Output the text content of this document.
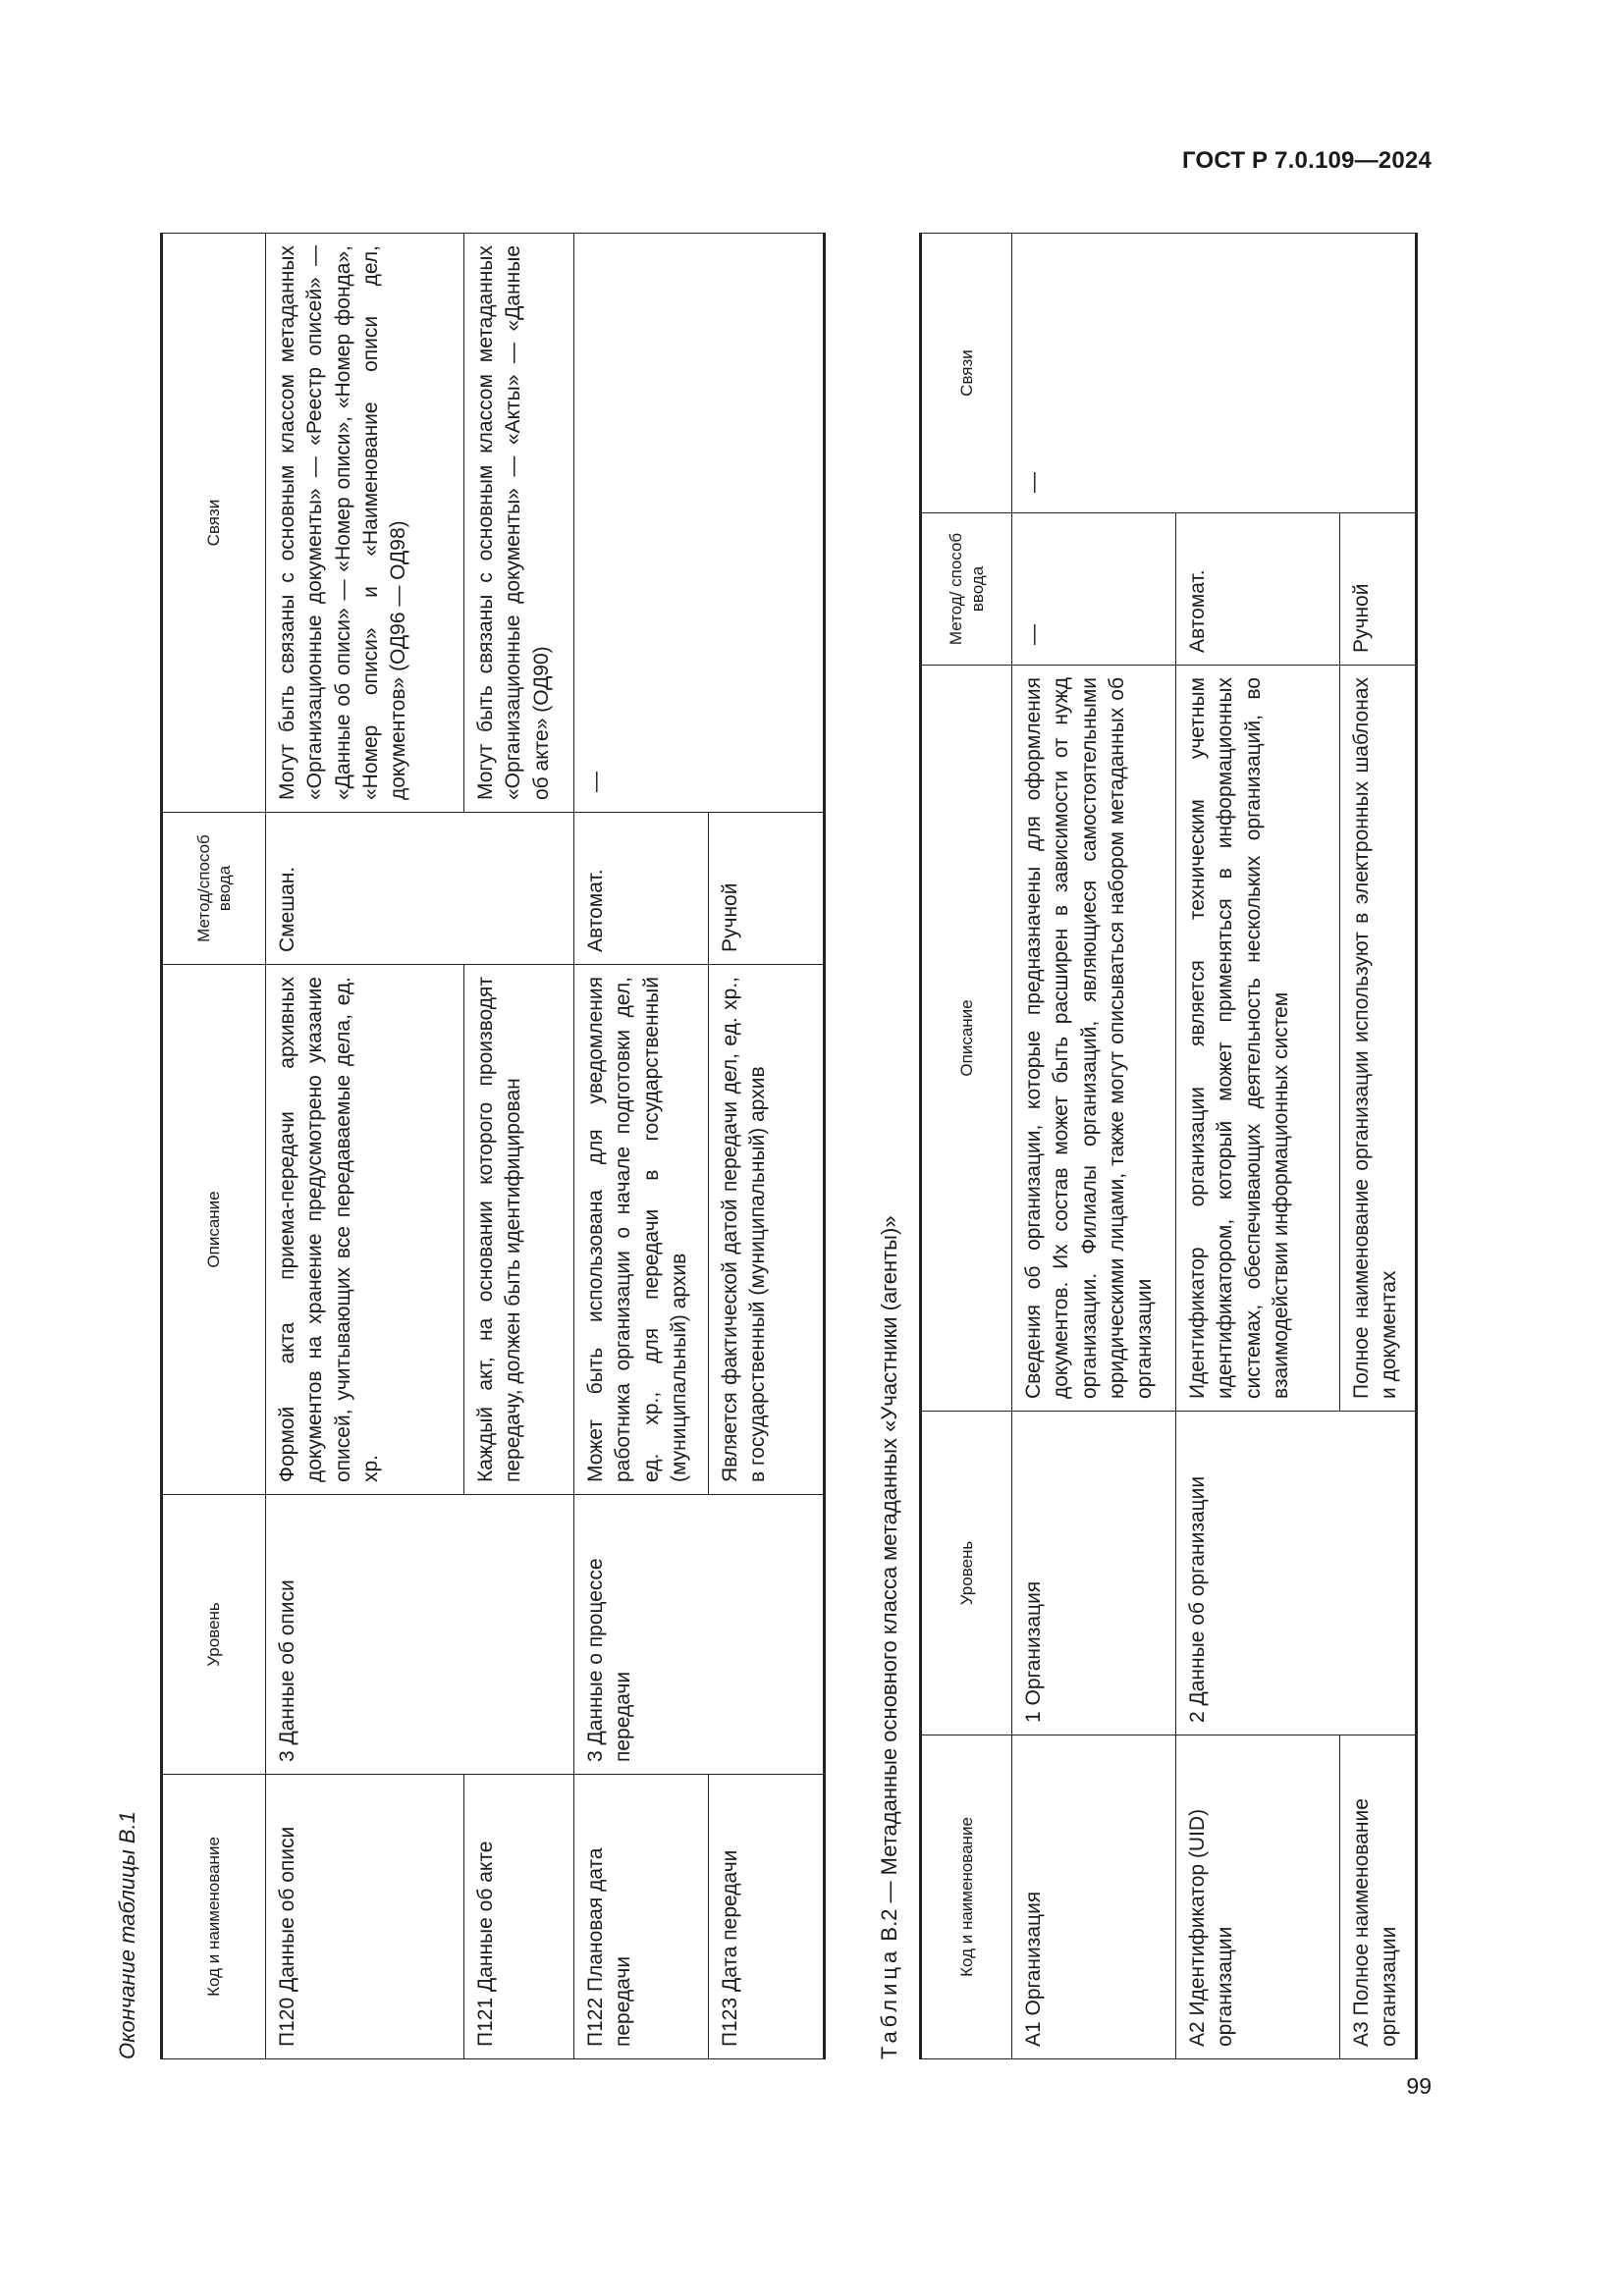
ГОСТ Р 7.0.109—2024
Код и наименование	Уровень	Описание	Метод/способ ввода	Связи
П120 Данные об описи	3 Данные об описи	Формой акта приема-передачи архивных документов на хранение предусмотрено указание описей, учитывающих все передаваемые дела, ед. хр.	Смешан.	Могут быть связаны с основным классом метаданных «Организационные документы» — «Реестр описей» — «Данные об описи» — «Номер описи», «Номер фонда», «Номер описи» и «Наименование описи дел, документов» (ОД96 — ОД98)
П121 Данные об акте		Каждый акт, на основании которого производят передачу, должен быть идентифицирован		Могут быть связаны с основным классом метаданных «Организационные документы» — «Акты» — «Данные об акте» (ОД90)
П122 Плановая дата передачи	3 Данные о процессе передачи	Может быть использована для уведомления работника организации о начале подготовки дел, ед. хр., для передачи в государственный (муниципальный) архив	Автомат.	—
П123 Дата передачи		Является фактической датой передачи дел, ед. хр., в государственный (муниципальный) архив	Ручной	
Окончание таблицы В.1	Таблица В.2 — Метаданные основного класса метаданных «Участники (агенты)»	Код и наименование	Уровень	Описание	Метод/ способ ввода	Связи
А1 Организация	1 Организация	Сведения об организации, которые предназначены для оформления документов. Их состав может быть расширен в зависимости от нужд организации. Филиалы организаций, являющиеся самостоятельными юридическими лицами, также могут описываться набором метаданных об организации	—	—
А2 Идентификатор (UID) организации	2 Данные об организации	Идентификатор организации является техническим учетным идентификатором, который может применяться в информационных системах, обеспечивающих деятельность нескольких организаций, во взаимодействии информационных систем	Автомат.	
А3 Полное наименование организации		Полное наименование организации используют в электронных шаблонах и документах	Ручной	
99
